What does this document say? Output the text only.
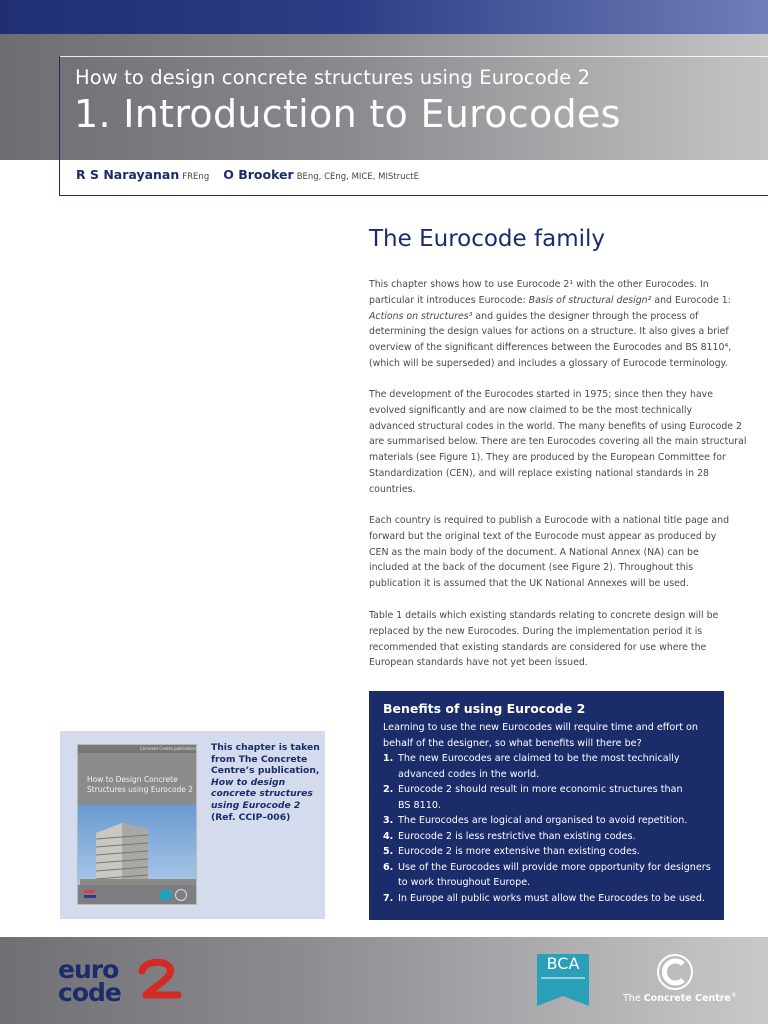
How to design concrete structures using Eurocode 2
1. Introduction to Eurocodes
R S Narayanan FREng O Brooker BEng, CEng, MICE, MIStructE
The Eurocode family
This chapter shows how to use Eurocode 2¹ with the other Eurocodes. In
particular it introduces Eurocode: Basis of structural design² and Eurocode 1:
Actions on structures³ and guides the designer through the process of
determining the design values for actions on a structure. It also gives a brief
overview of the significant differences between the Eurocodes and BS 8110⁴,
(which will be superseded) and includes a glossary of Eurocode terminology.
The development of the Eurocodes started in 1975; since then they have
evolved significantly and are now claimed to be the most technically
advanced structural codes in the world. The many benefits of using Eurocode 2
are summarised below. There are ten Eurocodes covering all the main structural
materials (see Figure 1). They are produced by the European Committee for
Standardization (CEN), and will replace existing national standards in 28
countries.
Each country is required to publish a Eurocode with a national title page and
forward but the original text of the Eurocode must appear as produced by
CEN as the main body of the document. A National Annex (NA) can be
included at the back of the document (see Figure 2). Throughout this
publication it is assumed that the UK National Annexes will be used.
Table 1 details which existing standards relating to concrete design will be
replaced by the new Eurocodes. During the implementation period it is
recommended that existing standards are considered for use where the
European standards have not yet been issued.
Benefits of using Eurocode 2
Learning to use the new Eurocodes will require time and effort on
behalf of the designer, so what benefits will there be?
1. The new Eurocodes are claimed to be the most technically
advanced codes in the world.
2. Eurocode 2 should result in more economic structures than
BS 8110.
3. The Eurocodes are logical and organised to avoid repetition.
4. Eurocode 2 is less restrictive than existing codes.
5. Eurocode 2 is more extensive than existing codes.
6. Use of the Eurocodes will provide more opportunity for designers
to work throughout Europe.
7. In Europe all public works must allow the Eurocodes to be used.
Concrete Centre publication
How to Design Concrete
Structures using Eurocode 2
This chapter is taken
from The Concrete
Centre’s publication,
How to design
concrete structures
using Eurocode 2
(Ref. CCIP–006)
euro
code
BCA
The Concrete Centre®
